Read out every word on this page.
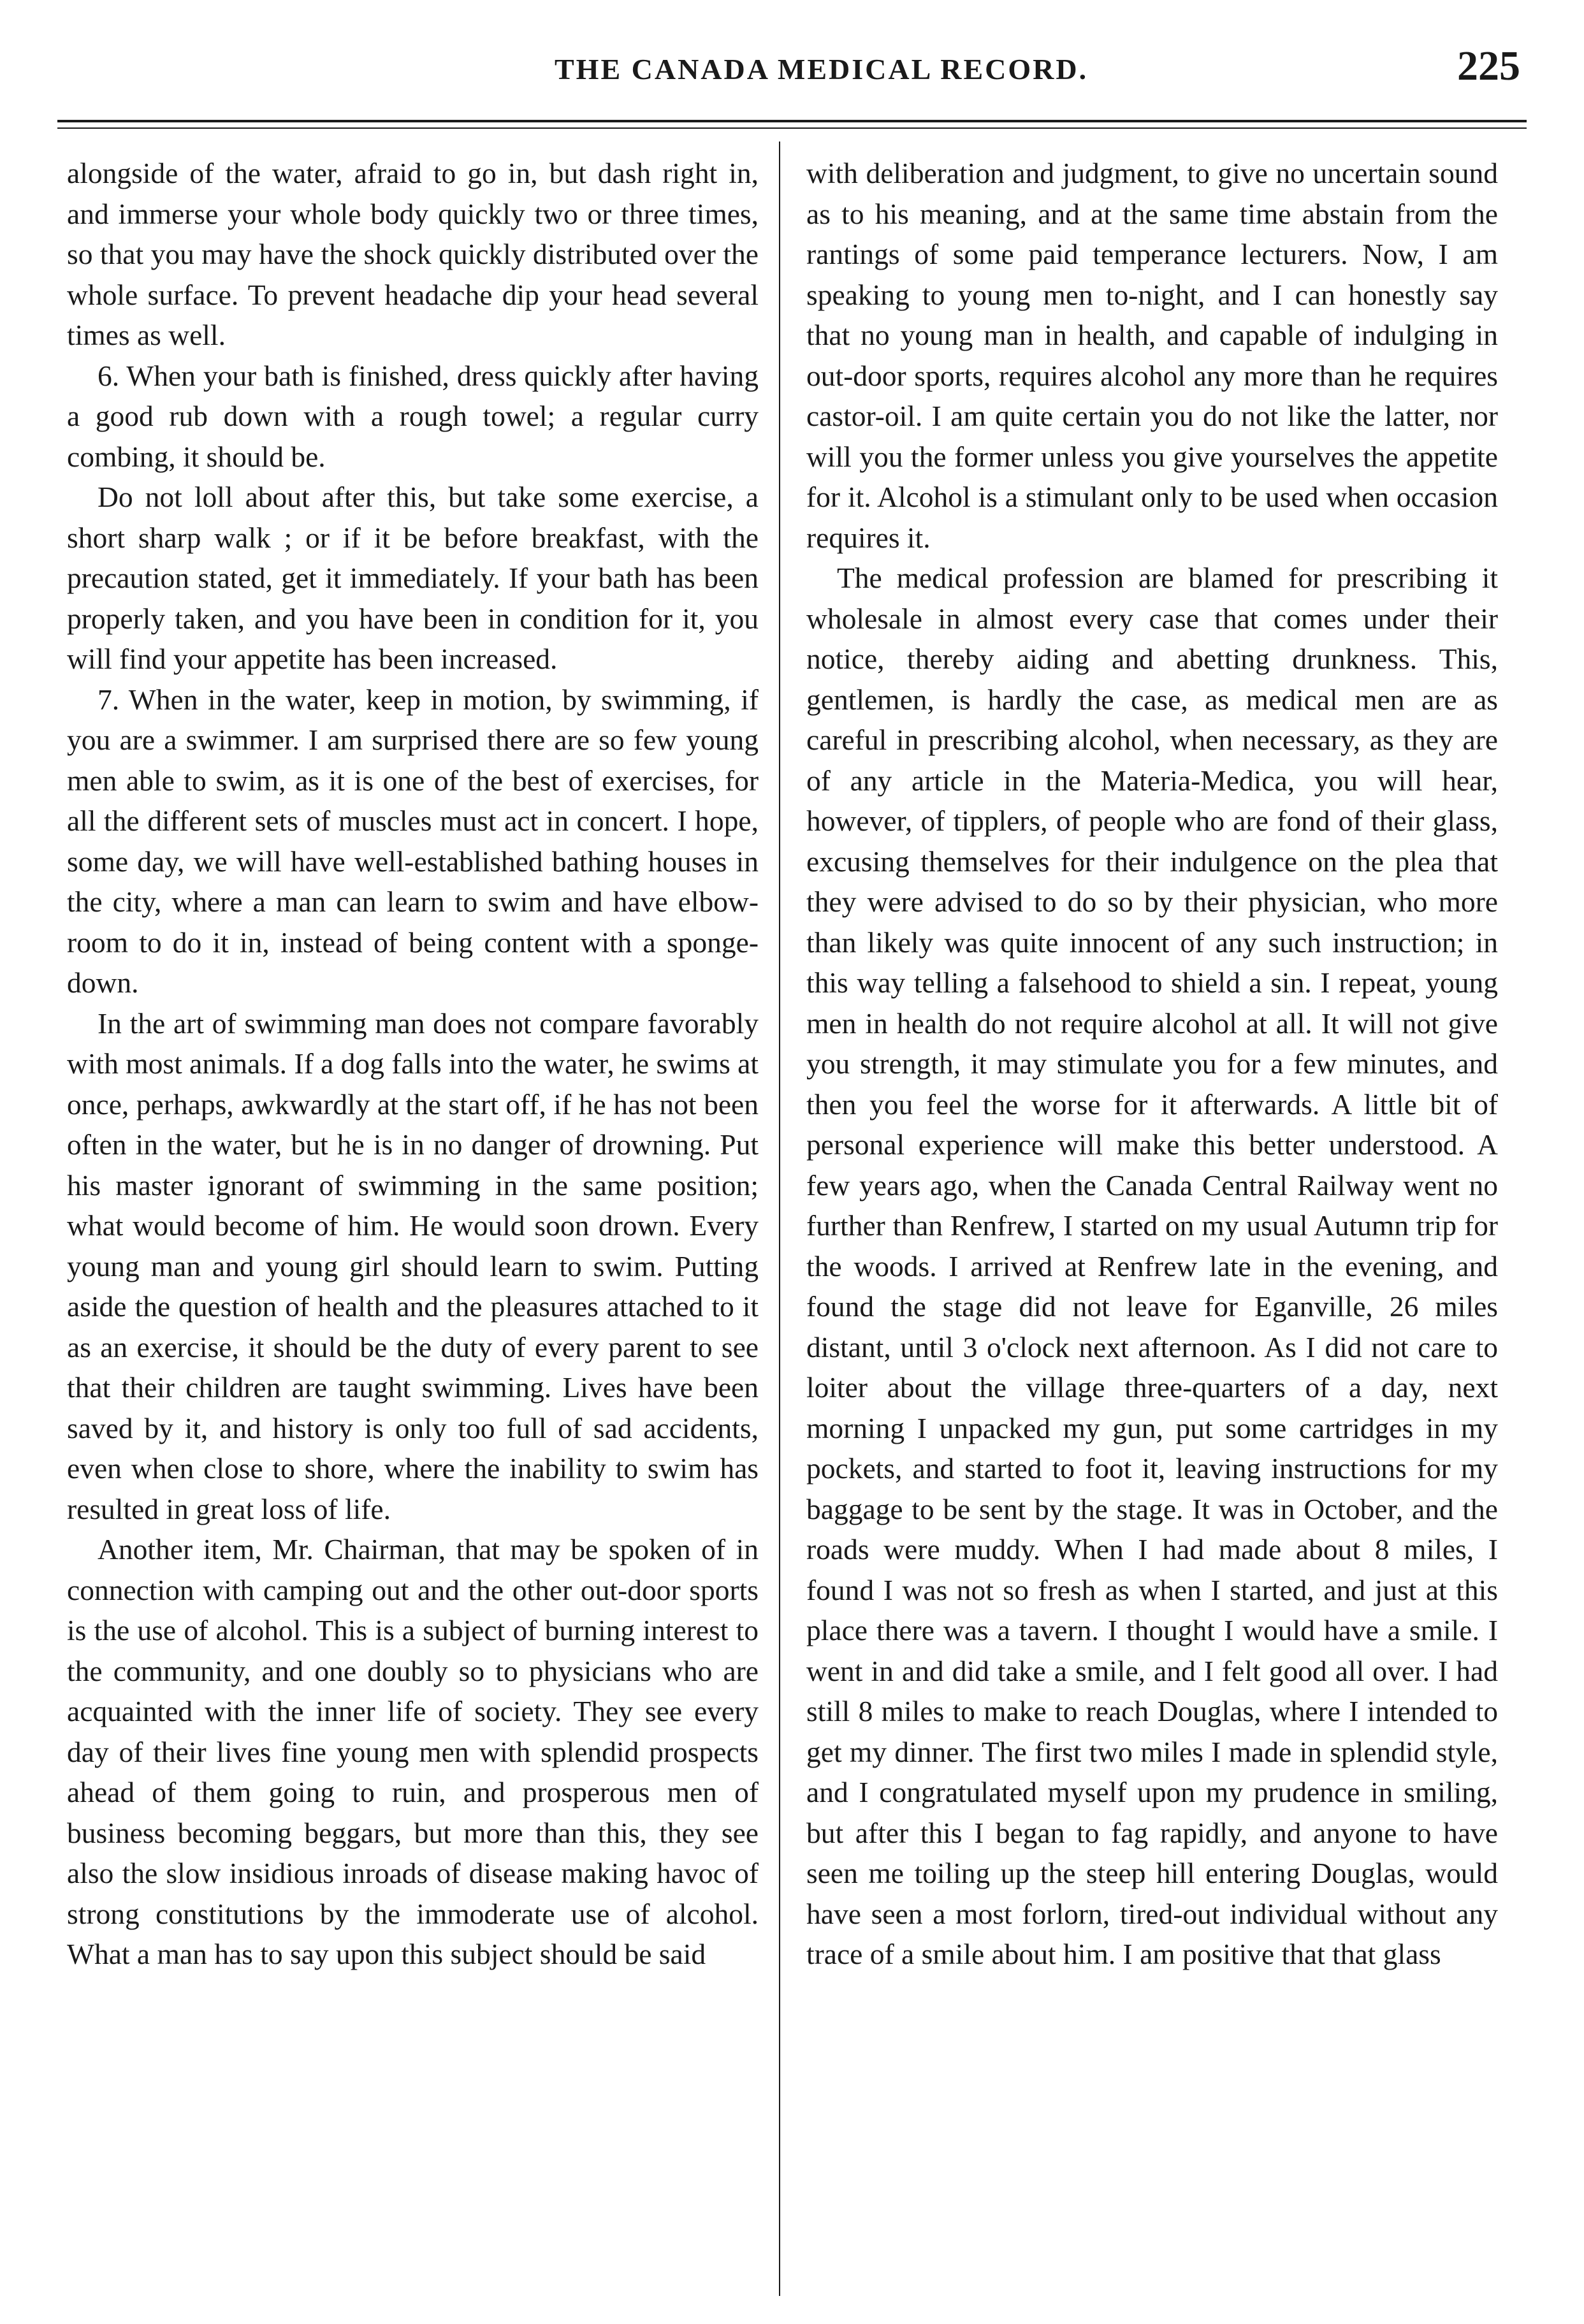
THE CANADA MEDICAL RECORD.	225

alongside of the water, afraid to go in, but dash right in, and immerse your whole body quickly two or three times, so that you may have the shock quickly distributed over the whole surface. To prevent headache dip your head several times as well.

6. When your bath is finished, dress quickly after having a good rub down with a rough towel; a regular curry combing, it should be.

Do not loll about after this, but take some exercise, a short sharp walk ; or if it be before breakfast, with the precaution stated, get it immediately. If your bath has been properly taken, and you have been in condition for it, you will find your appetite has been increased.

7. When in the water, keep in motion, by swimming, if you are a swimmer. I am surprised there are so few young men able to swim, as it is one of the best of exercises, for all the different sets of muscles must act in concert. I hope, some day, we will have well-established bathing houses in the city, where a man can learn to swim and have elbow-room to do it in, instead of being content with a sponge-down.

In the art of swimming man does not compare favorably with most animals. If a dog falls into the water, he swims at once, perhaps, awkwardly at the start off, if he has not been often in the water, but he is in no danger of drowning. Put his master ignorant of swimming in the same position; what would become of him. He would soon drown. Every young man and young girl should learn to swim. Putting aside the question of health and the pleasures attached to it as an exercise, it should be the duty of every parent to see that their children are taught swimming. Lives have been saved by it, and history is only too full of sad accidents, even when close to shore, where the inability to swim has resulted in great loss of life.

Another item, Mr. Chairman, that may be spoken of in connection with camping out and the other out-door sports is the use of alcohol. This is a subject of burning interest to the community, and one doubly so to physicians who are acquainted with the inner life of society. They see every day of their lives fine young men with splendid prospects ahead of them going to ruin, and prosperous men of business becoming beggars, but more than this, they see also the slow insidious inroads of disease making havoc of strong constitutions by the immoderate use of alcohol. What a man has to say upon this subject should be said

with deliberation and judgment, to give no uncertain sound as to his meaning, and at the same time abstain from the rantings of some paid temperance lecturers. Now, I am speaking to young men to-night, and I can honestly say that no young man in health, and capable of indulging in out-door sports, requires alcohol any more than he requires castor-oil. I am quite certain you do not like the latter, nor will you the former unless you give yourselves the appetite for it. Alcohol is a stimulant only to be used when occasion requires it.

The medical profession are blamed for prescribing it wholesale in almost every case that comes under their notice, thereby aiding and abetting drunkness. This, gentlemen, is hardly the case, as medical men are as careful in prescribing alcohol, when necessary, as they are of any article in the Materia-Medica, you will hear, however, of tipplers, of people who are fond of their glass, excusing themselves for their indulgence on the plea that they were advised to do so by their physician, who more than likely was quite innocent of any such instruction; in this way telling a falsehood to shield a sin. I repeat, young men in health do not require alcohol at all. It will not give you strength, it may stimulate you for a few minutes, and then you feel the worse for it afterwards. A little bit of personal experience will make this better understood. A few years ago, when the Canada Central Railway went no further than Renfrew, I started on my usual Autumn trip for the woods. I arrived at Renfrew late in the evening, and found the stage did not leave for Eganville, 26 miles distant, until 3 o'clock next afternoon. As I did not care to loiter about the village three-quarters of a day, next morning I unpacked my gun, put some cartridges in my pockets, and started to foot it, leaving instructions for my baggage to be sent by the stage. It was in October, and the roads were muddy. When I had made about 8 miles, I found I was not so fresh as when I started, and just at this place there was a tavern. I thought I would have a smile. I went in and did take a smile, and I felt good all over. I had still 8 miles to make to reach Douglas, where I intended to get my dinner. The first two miles I made in splendid style, and I congratulated myself upon my prudence in smiling, but after this I began to fag rapidly, and anyone to have seen me toiling up the steep hill entering Douglas, would have seen a most forlorn, tired-out individual without any trace of a smile about him. I am positive that that glass
